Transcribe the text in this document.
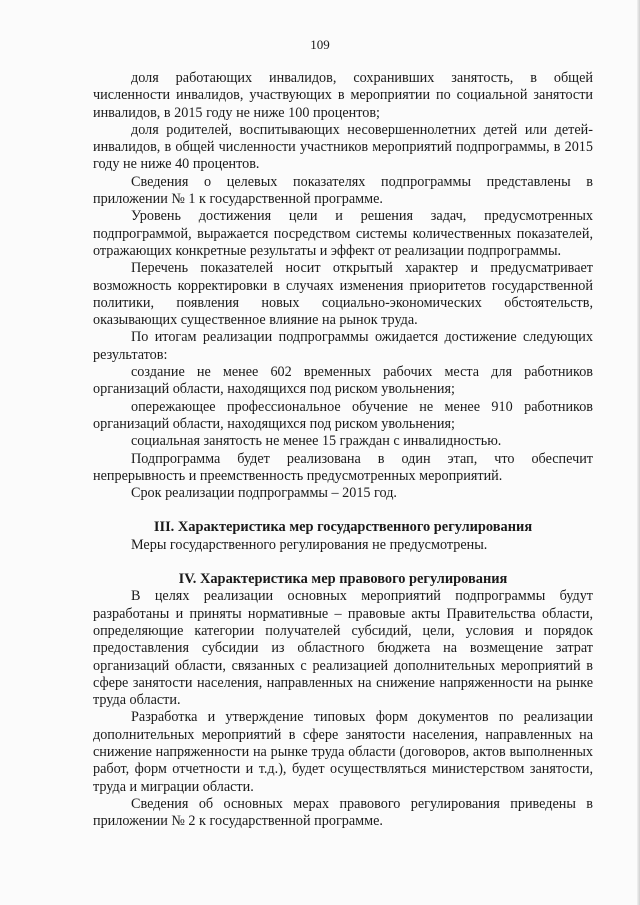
109

доля работающих инвалидов, сохранивших занятость, в общей численности инвалидов, участвующих в мероприятии по социальной занятости инвалидов, в 2015 году не ниже 100 процентов;

доля родителей, воспитывающих несовершеннолетних детей или детей-инвалидов, в общей численности участников мероприятий подпрограммы, в 2015 году не ниже 40 процентов.

Сведения о целевых показателях подпрограммы представлены в приложении № 1 к государственной программе.

Уровень достижения цели и решения задач, предусмотренных подпрограммой, выражается посредством системы количественных показателей, отражающих конкретные результаты и эффект от реализации подпрограммы.

Перечень показателей носит открытый характер и предусматривает возможность корректировки в случаях изменения приоритетов государственной политики, появления новых социально-экономических обстоятельств, оказывающих существенное влияние на рынок труда.

По итогам реализации подпрограммы ожидается достижение следующих результатов:

создание не менее 602 временных рабочих места для работников организаций области, находящихся под риском увольнения;

опережающее профессиональное обучение не менее 910 работников организаций области, находящихся под риском увольнения;

социальная занятость не менее 15 граждан с инвалидностью.

Подпрограмма будет реализована в один этап, что обеспечит непрерывность и преемственность предусмотренных мероприятий.

Срок реализации подпрограммы – 2015 год.

III. Характеристика мер государственного регулирования

Меры государственного регулирования не предусмотрены.

IV. Характеристика мер правового регулирования

В целях реализации основных мероприятий подпрограммы будут разработаны и приняты нормативные – правовые акты Правительства области, определяющие категории получателей субсидий, цели, условия и порядок предоставления субсидии из областного бюджета на возмещение затрат организаций области, связанных с реализацией дополнительных мероприятий в сфере занятости населения, направленных на снижение напряженности на рынке труда области.

Разработка и утверждение типовых форм документов по реализации дополнительных мероприятий в сфере занятости населения, направленных на снижение напряженности на рынке труда области (договоров, актов выполненных работ, форм отчетности и т.д.), будет осуществляться министерством занятости, труда и миграции области.

Сведения об основных мерах правового регулирования приведены в приложении № 2 к государственной программе.
